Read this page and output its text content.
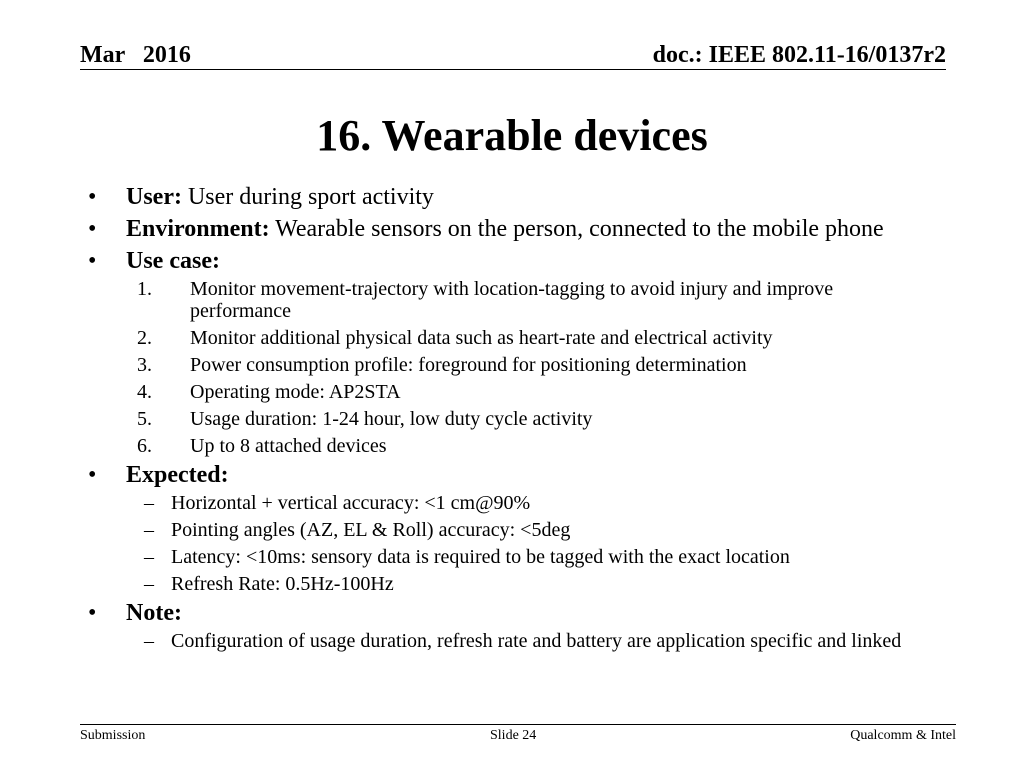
Mar   2016	doc.: IEEE 802.11-16/0137r2
16. Wearable devices
• User: User during sport activity
• Environment: Wearable sensors on the person, connected to the mobile phone
• Use case:
1. Monitor movement-trajectory with location-tagging to avoid injury and improve performance
2. Monitor additional physical data such as heart-rate and electrical activity
3. Power consumption profile: foreground for positioning determination
4. Operating mode: AP2STA
5. Usage duration: 1-24 hour, low duty cycle activity
6. Up to 8 attached devices
• Expected:
– Horizontal + vertical accuracy: <1 cm@90%
– Pointing angles (AZ, EL & Roll) accuracy: <5deg
– Latency: <10ms: sensory data is required to be tagged with the exact location
– Refresh Rate: 0.5Hz-100Hz
• Note:
– Configuration of usage duration, refresh rate and battery are application specific and linked
Submission	Slide 24	Qualcomm & Intel
